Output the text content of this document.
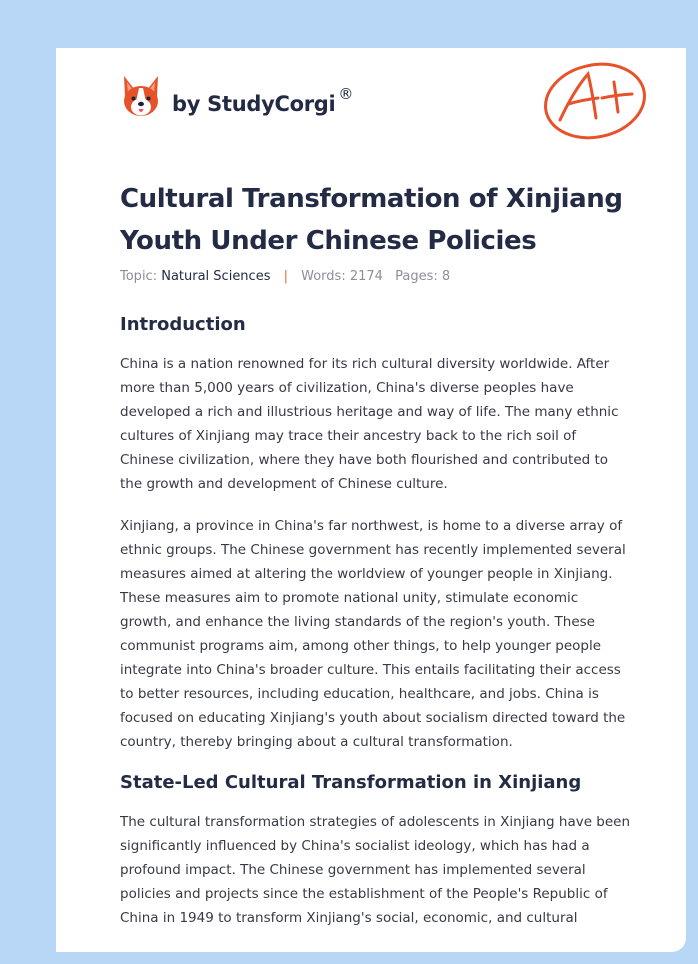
by StudyCorgi ®
Cultural Transformation of Xinjiang Youth Under Chinese Policies
Topic: Natural Sciences | Words: 2174 Pages: 8
Introduction

China is a nation renowned for its rich cultural diversity worldwide. After more than 5,000 years of civilization, China's diverse peoples have developed a rich and illustrious heritage and way of life. The many ethnic cultures of Xinjiang may trace their ancestry back to the rich soil of Chinese civilization, where they have both flourished and contributed to the growth and development of Chinese culture.

Xinjiang, a province in China's far northwest, is home to a diverse array of ethnic groups. The Chinese government has recently implemented several measures aimed at altering the worldview of younger people in Xinjiang. These measures aim to promote national unity, stimulate economic growth, and enhance the living standards of the region's youth. These communist programs aim, among other things, to help younger people integrate into China's broader culture. This entails facilitating their access to better resources, including education, healthcare, and jobs. China is focused on educating Xinjiang's youth about socialism directed toward the country, thereby bringing about a cultural transformation.

State-Led Cultural Transformation in Xinjiang

The cultural transformation strategies of adolescents in Xinjiang have been significantly influenced by China's socialist ideology, which has had a profound impact. The Chinese government has implemented several policies and projects since the establishment of the People's Republic of China in 1949 to transform Xinjiang's social, economic, and cultural
